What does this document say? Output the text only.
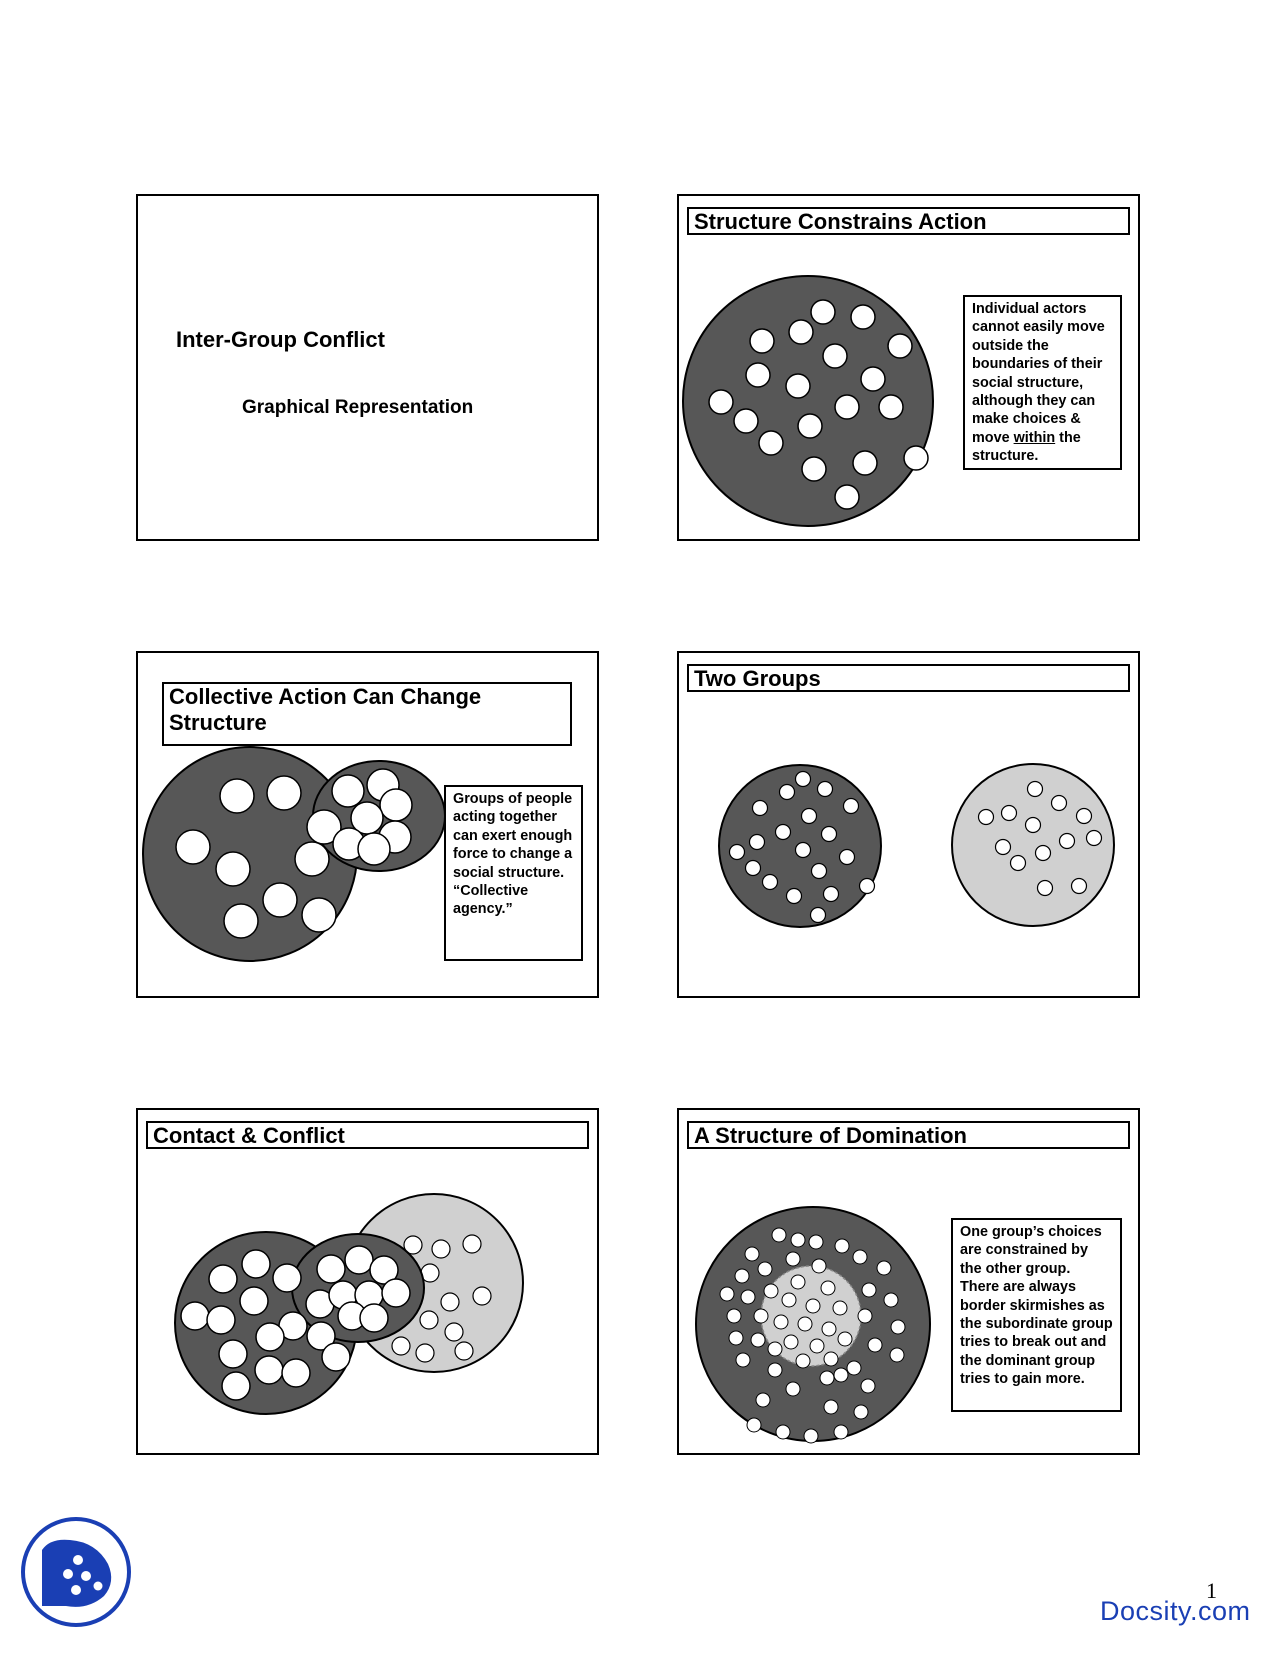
Inter-Group Conflict
Graphical Representation
Structure Constrains Action
Individual actors cannot easily move outside the boundaries of their social structure, although they can make choices & move within the structure.
Collective Action Can Change Structure
Groups of people acting together can exert enough force to change a social structure. “Collective agency.”
Two Groups
Contact & Conflict	A Structure of Domination
One group’s choices are constrained by the other group. There are always border skirmishes as the subordinate group tries to break out and the dominant group tries to gain more.
1
Docsity.com
